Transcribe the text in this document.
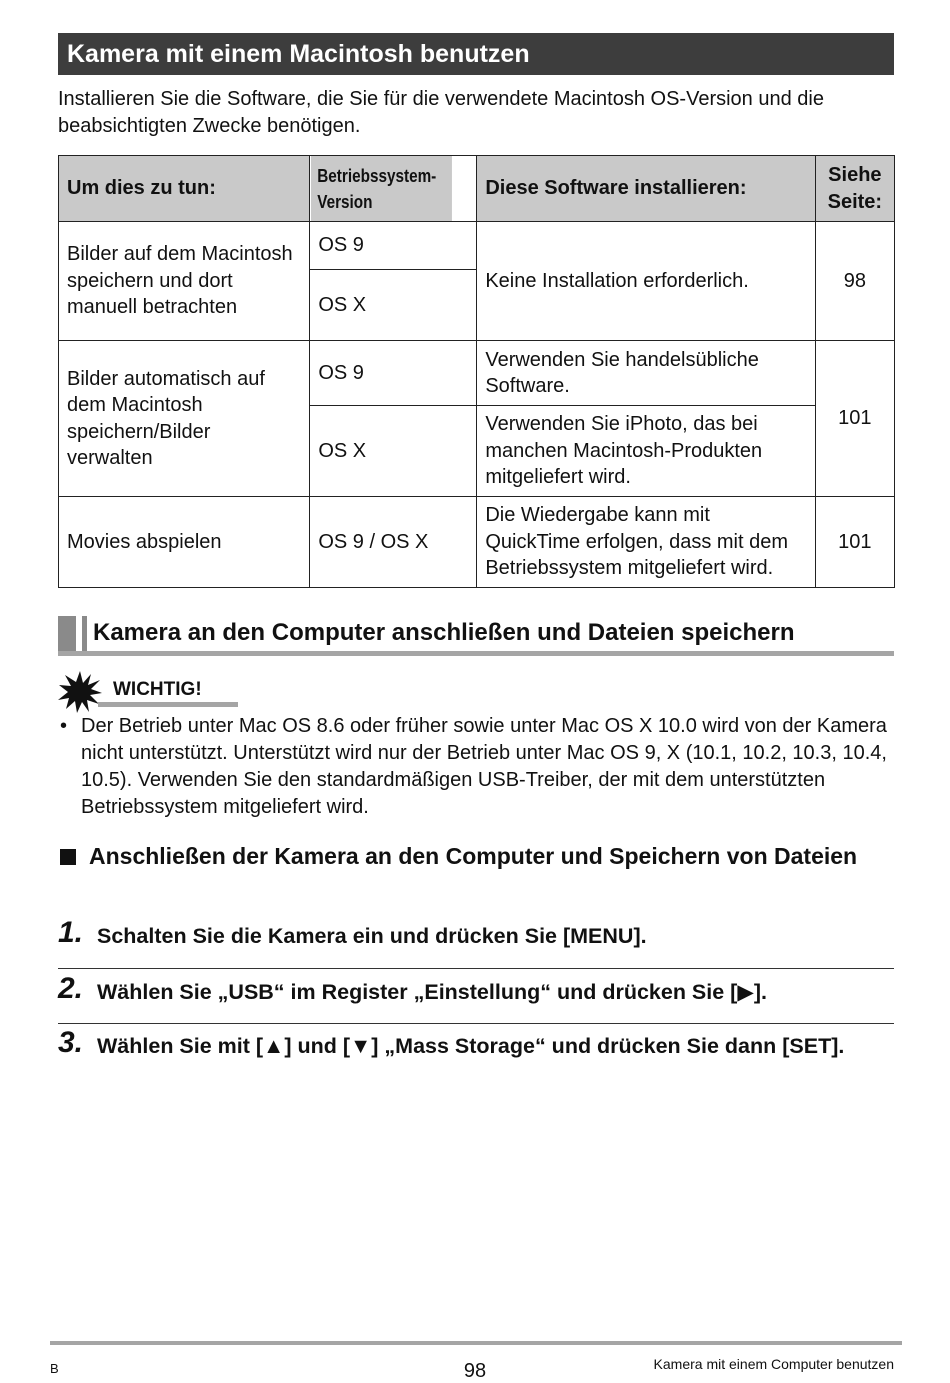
Kamera mit einem Macintosh benutzen
Installieren Sie die Software, die Sie für die verwendete Macintosh OS-Version und die beabsichtigten Zwecke benötigen.
Um dies zu tun:	Betriebssystem-Version	Diese Software installieren:	Siehe Seite:
Bilder auf dem Macintosh speichern und dort manuell betrachten	OS 9	Keine Installation erforderlich.	98
	OS X		
Bilder automatisch auf dem Macintosh speichern/Bilder verwalten	OS 9	Verwenden Sie handelsübliche Software.	101
	OS X	Verwenden Sie iPhoto, das bei manchen Macintosh-Produkten mitgeliefert wird.	
Movies abspielen	OS 9 / OS X	Die Wiedergabe kann mit QuickTime erfolgen, dass mit dem Betriebssystem mitgeliefert wird.	101
Kamera an den Computer anschließen und Dateien speichern
WICHTIG!
• Der Betrieb unter Mac OS 8.6 oder früher sowie unter Mac OS X 10.0 wird von der Kamera nicht unterstützt. Unterstützt wird nur der Betrieb unter Mac OS 9, X (10.1, 10.2, 10.3, 10.4, 10.5). Verwenden Sie den standardmäßigen USB-Treiber, der mit dem unterstützten Betriebssystem mitgeliefert wird.
Anschließen der Kamera an den Computer und Speichern von Dateien
1. Schalten Sie die Kamera ein und drücken Sie [MENU].
2. Wählen Sie „USB“ im Register „Einstellung“ und drücken Sie [▶].
3. Wählen Sie mit [▲] und [▼] „Mass Storage“ und drücken Sie dann [SET].
B	98	Kamera mit einem Computer benutzen
